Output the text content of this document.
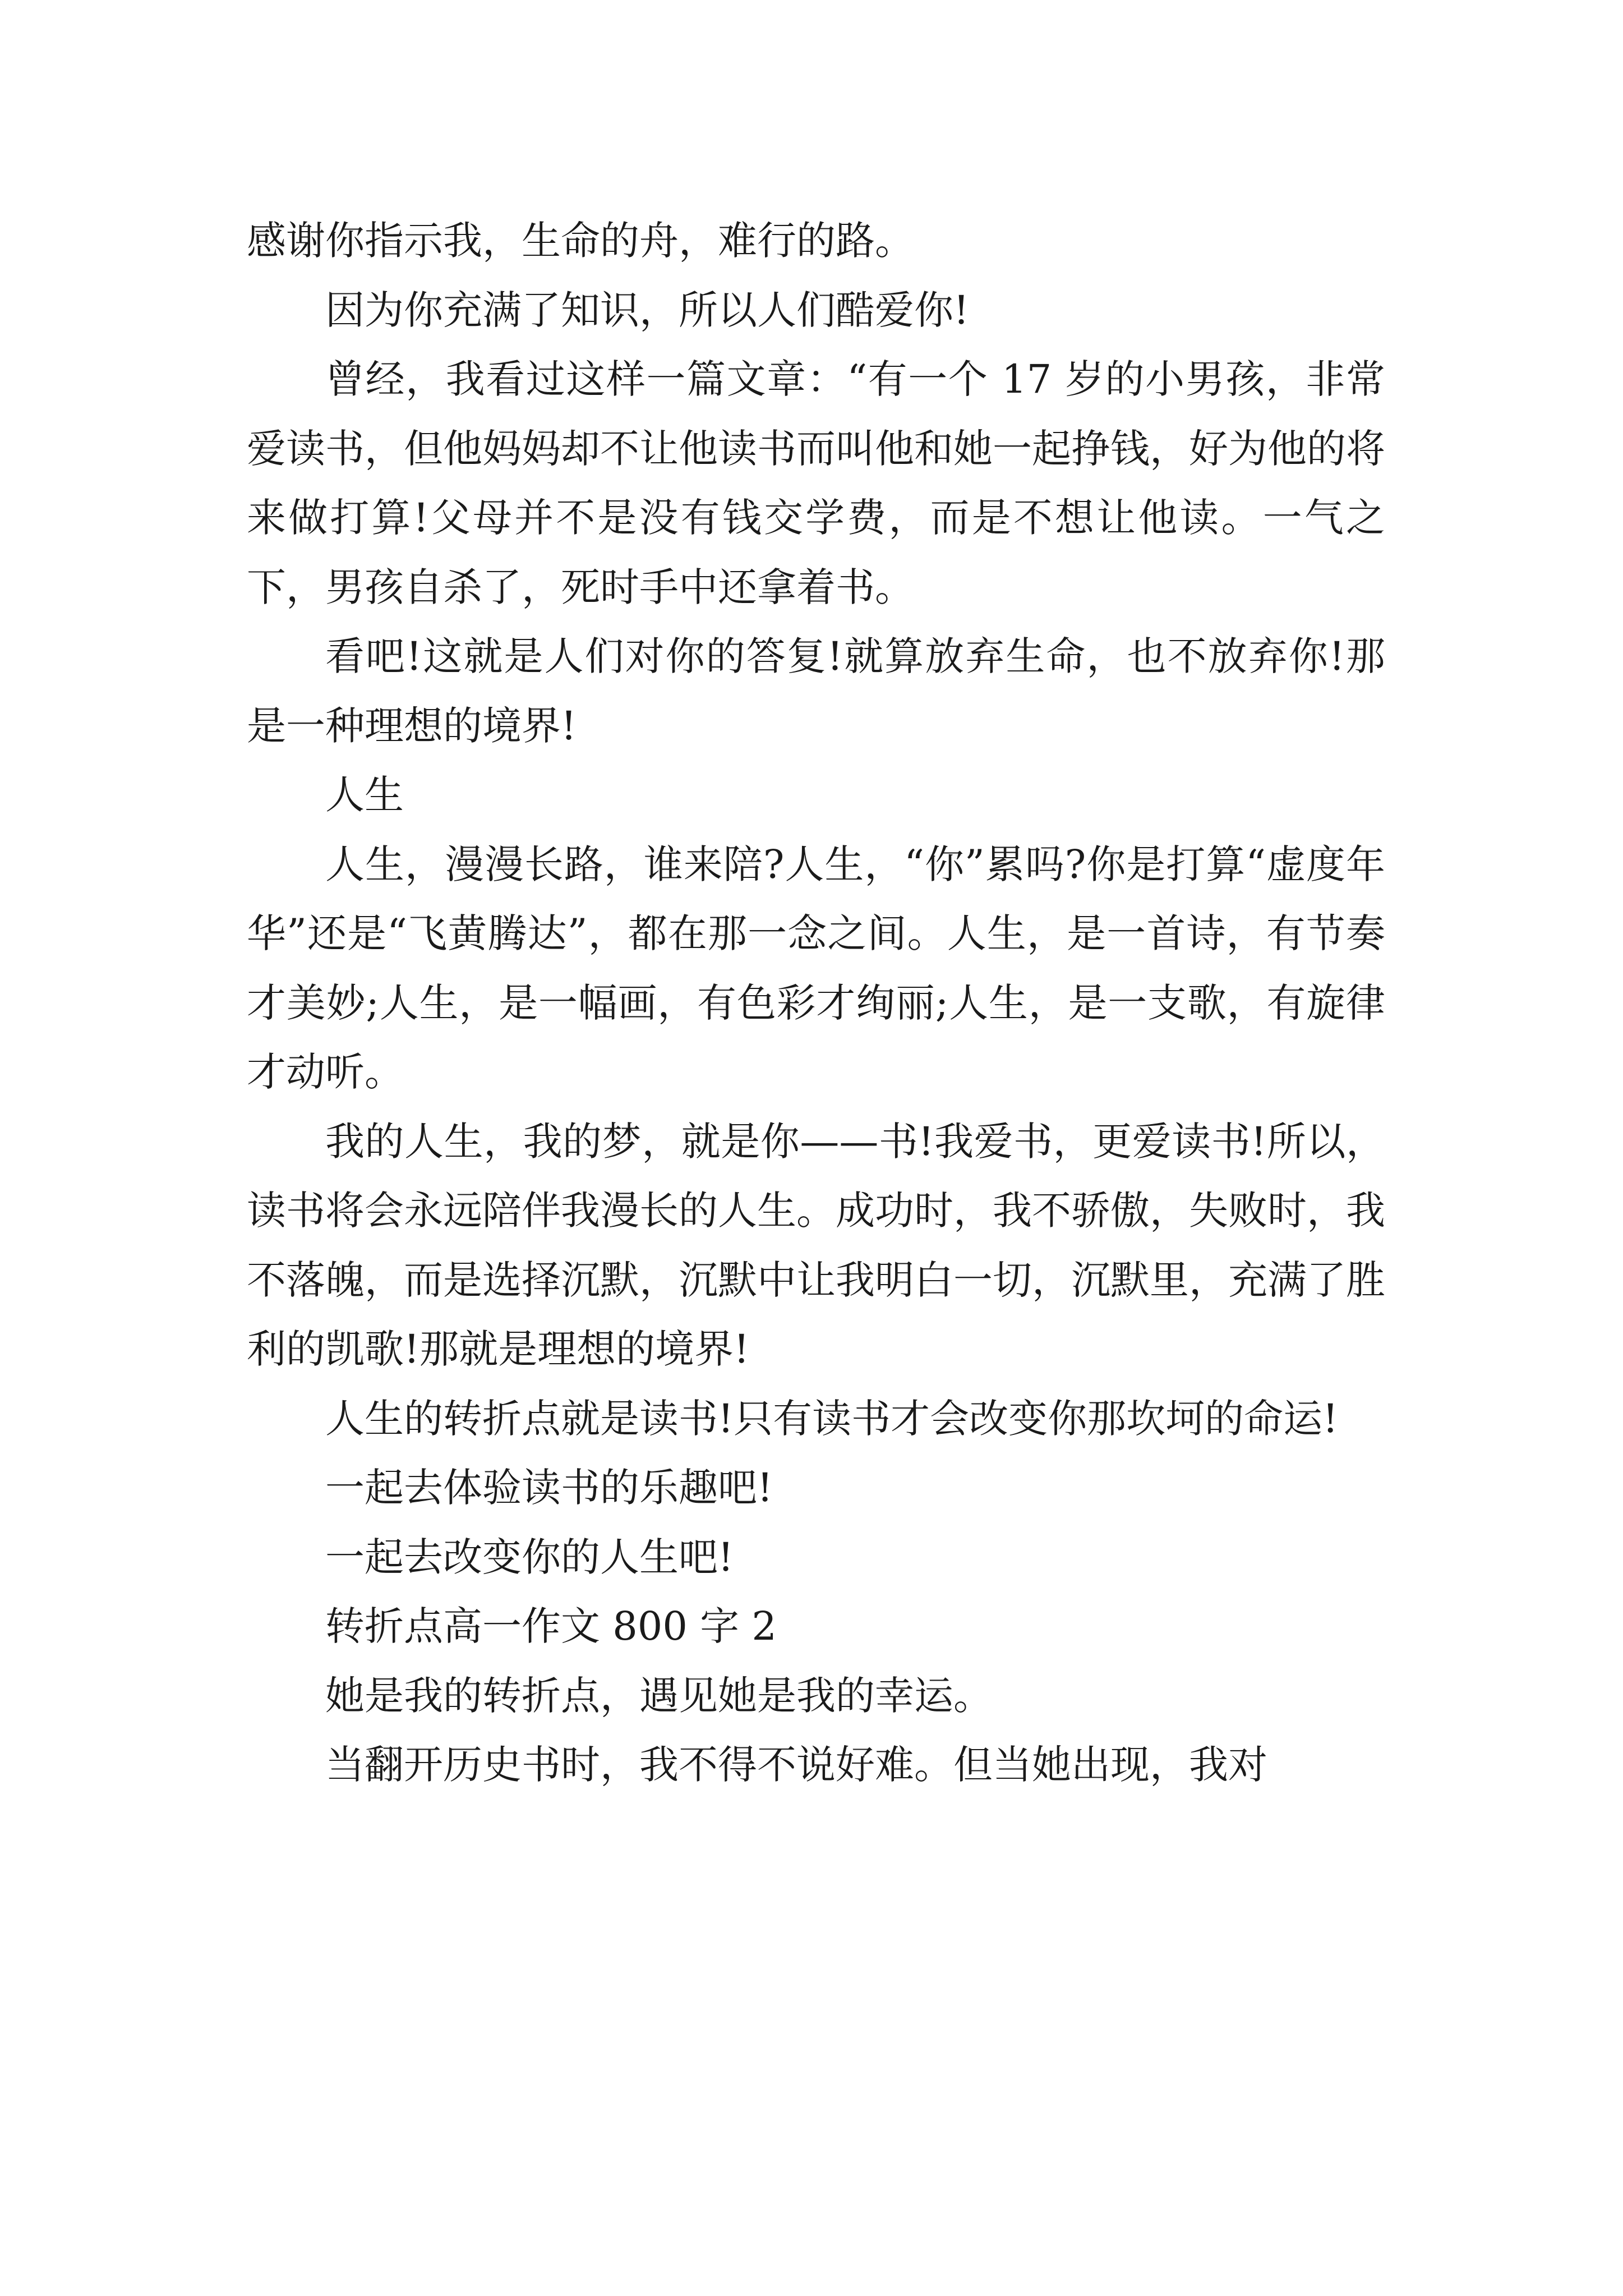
感谢你指示我，生命的舟，难行的路。

因为你充满了知识，所以人们酷爱你!

曾经，我看过这样一篇文章：“有一个 17 岁的小男孩，非常爱读书，但他妈妈却不让他读书而叫他和她一起挣钱，好为他的将来做打算!父母并不是没有钱交学费，而是不想让他读。一气之下，男孩自杀了，死时手中还拿着书。

看吧!这就是人们对你的答复!就算放弃生命，也不放弃你!那是一种理想的境界!

人生

人生，漫漫长路，谁来陪?人生，“你”累吗?你是打算“虚度年华”还是“飞黄腾达”，都在那一念之间。人生，是一首诗，有节奏才美妙;人生，是一幅画，有色彩才绚丽;人生，是一支歌，有旋律才动听。

我的人生，我的梦，就是你——书!我爱书，更爱读书!所以，读书将会永远陪伴我漫长的人生。成功时，我不骄傲，失败时，我不落魄，而是选择沉默，沉默中让我明白一切，沉默里，充满了胜利的凯歌!那就是理想的境界!

人生的转折点就是读书!只有读书才会改变你那坎坷的命运!

一起去体验读书的乐趣吧!

一起去改变你的人生吧!

转折点高一作文 800 字 2

她是我的转折点，遇见她是我的幸运。

当翻开历史书时，我不得不说好难。但当她出现，我对
